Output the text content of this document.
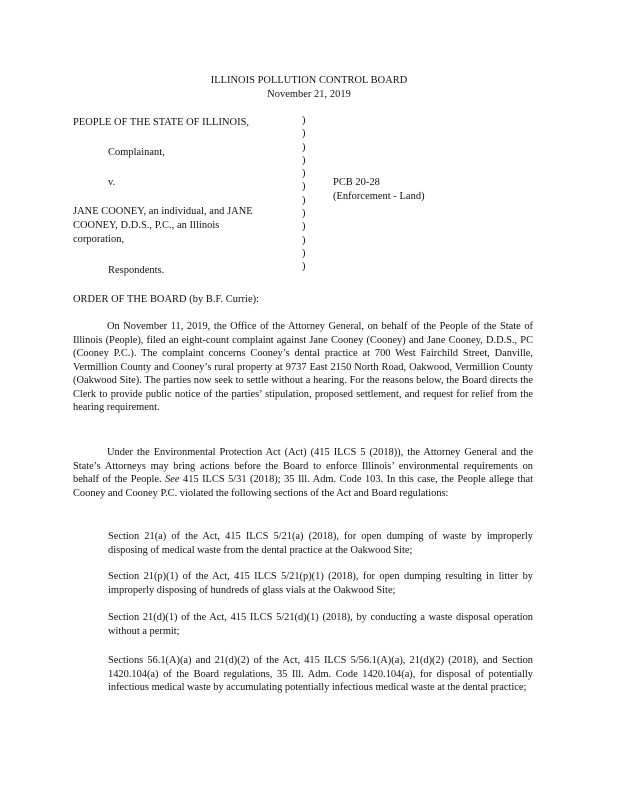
ILLINOIS POLLUTION CONTROL BOARD
November 21, 2019
PEOPLE OF THE STATE OF ILLINOIS,
Complainant,
v.
JANE COONEY, an individual, and JANE
COONEY, D.D.S., P.C., an Illinois
corporation,
Respondents.
)
)
)
)
)
)
)
)
)
)
)
)
PCB 20-28
(Enforcement - Land)
ORDER OF THE BOARD (by B.F. Currie):
On November 11, 2019, the Office of the Attorney General, on behalf of the People of the State of Illinois (People), filed an eight-count complaint against Jane Cooney (Cooney) and Jane Cooney, D.D.S., PC (Cooney P.C.). The complaint concerns Cooney’s dental practice at 700 West Fairchild Street, Danville, Vermillion County and Cooney’s rural property at 9737 East 2150 North Road, Oakwood, Vermillion County (Oakwood Site). The parties now seek to settle without a hearing. For the reasons below, the Board directs the Clerk to provide public notice of the parties’ stipulation, proposed settlement, and request for relief from the hearing requirement.
Under the Environmental Protection Act (Act) (415 ILCS 5 (2018)), the Attorney General and the State’s Attorneys may bring actions before the Board to enforce Illinois’ environmental requirements on behalf of the People. See 415 ILCS 5/31 (2018); 35 Ill. Adm. Code 103. In this case, the People allege that Cooney and Cooney P.C. violated the following sections of the Act and Board regulations:
Section 21(a) of the Act, 415 ILCS 5/21(a) (2018), for open dumping of waste by improperly disposing of medical waste from the dental practice at the Oakwood Site;
Section 21(p)(1) of the Act, 415 ILCS 5/21(p)(1) (2018), for open dumping resulting in litter by improperly disposing of hundreds of glass vials at the Oakwood Site;
Section 21(d)(1) of the Act, 415 ILCS 5/21(d)(1) (2018), by conducting a waste disposal operation without a permit;
Sections 56.1(A)(a) and 21(d)(2) of the Act, 415 ILCS 5/56.1(A)(a), 21(d)(2) (2018), and Section 1420.104(a) of the Board regulations, 35 Ill. Adm. Code 1420.104(a), for disposal of potentially infectious medical waste by accumulating potentially infectious medical waste at the dental practice;
